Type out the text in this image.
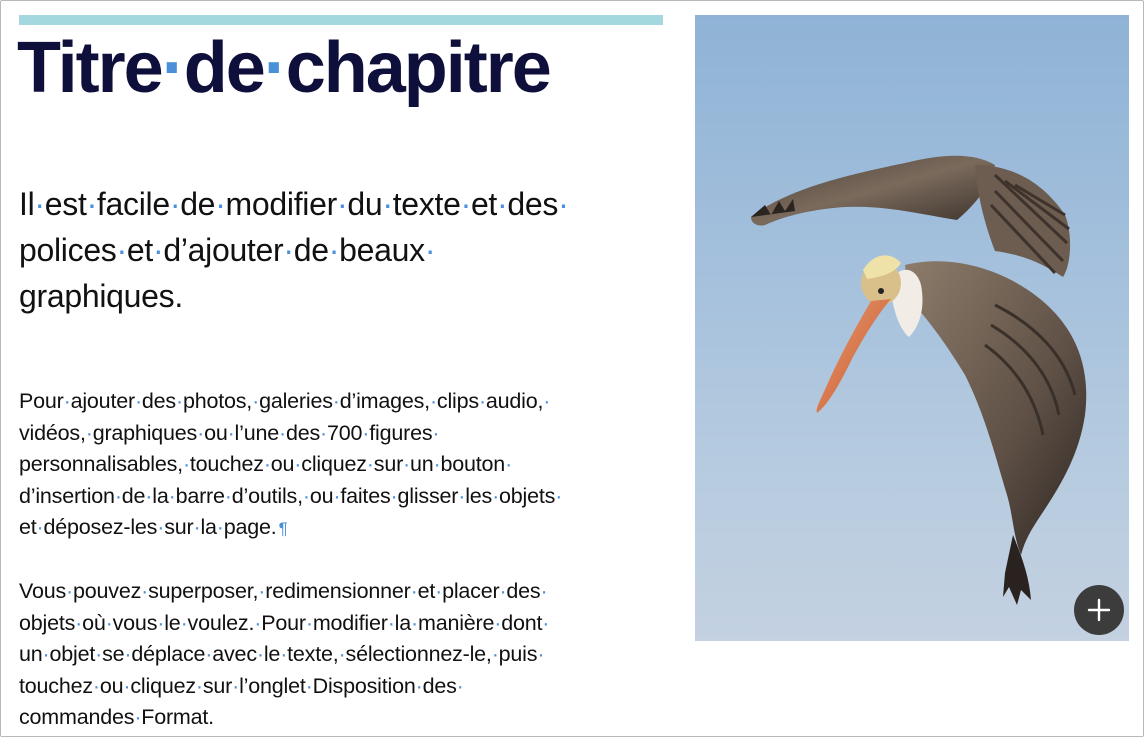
Titre·de·chapitre
Il·est·facile·de·modifier·du·texte·et·des·
polices·et·d’ajouter·de·beaux·
graphiques.
Pour·ajouter·des·photos,·galeries·d’images,·clips·audio,·
vidéos,·graphiques·ou·l’une·des·700·figures·
personnalisables,·touchez·ou·cliquez·sur·un·bouton·
d’insertion·de·la·barre·d’outils,·ou·faites·glisser·les·objets·
et·déposez-les·sur·la·page. ¶
Vous·pouvez·superposer,·redimensionner·et·placer·des·
objets·où·vous·le·voulez.·Pour·modifier·la·manière·dont·
un·objet·se·déplace·avec·le·texte,·sélectionnez-le,·puis·
touchez·ou·cliquez·sur·l’onglet·Disposition·des·
commandes·Format.
